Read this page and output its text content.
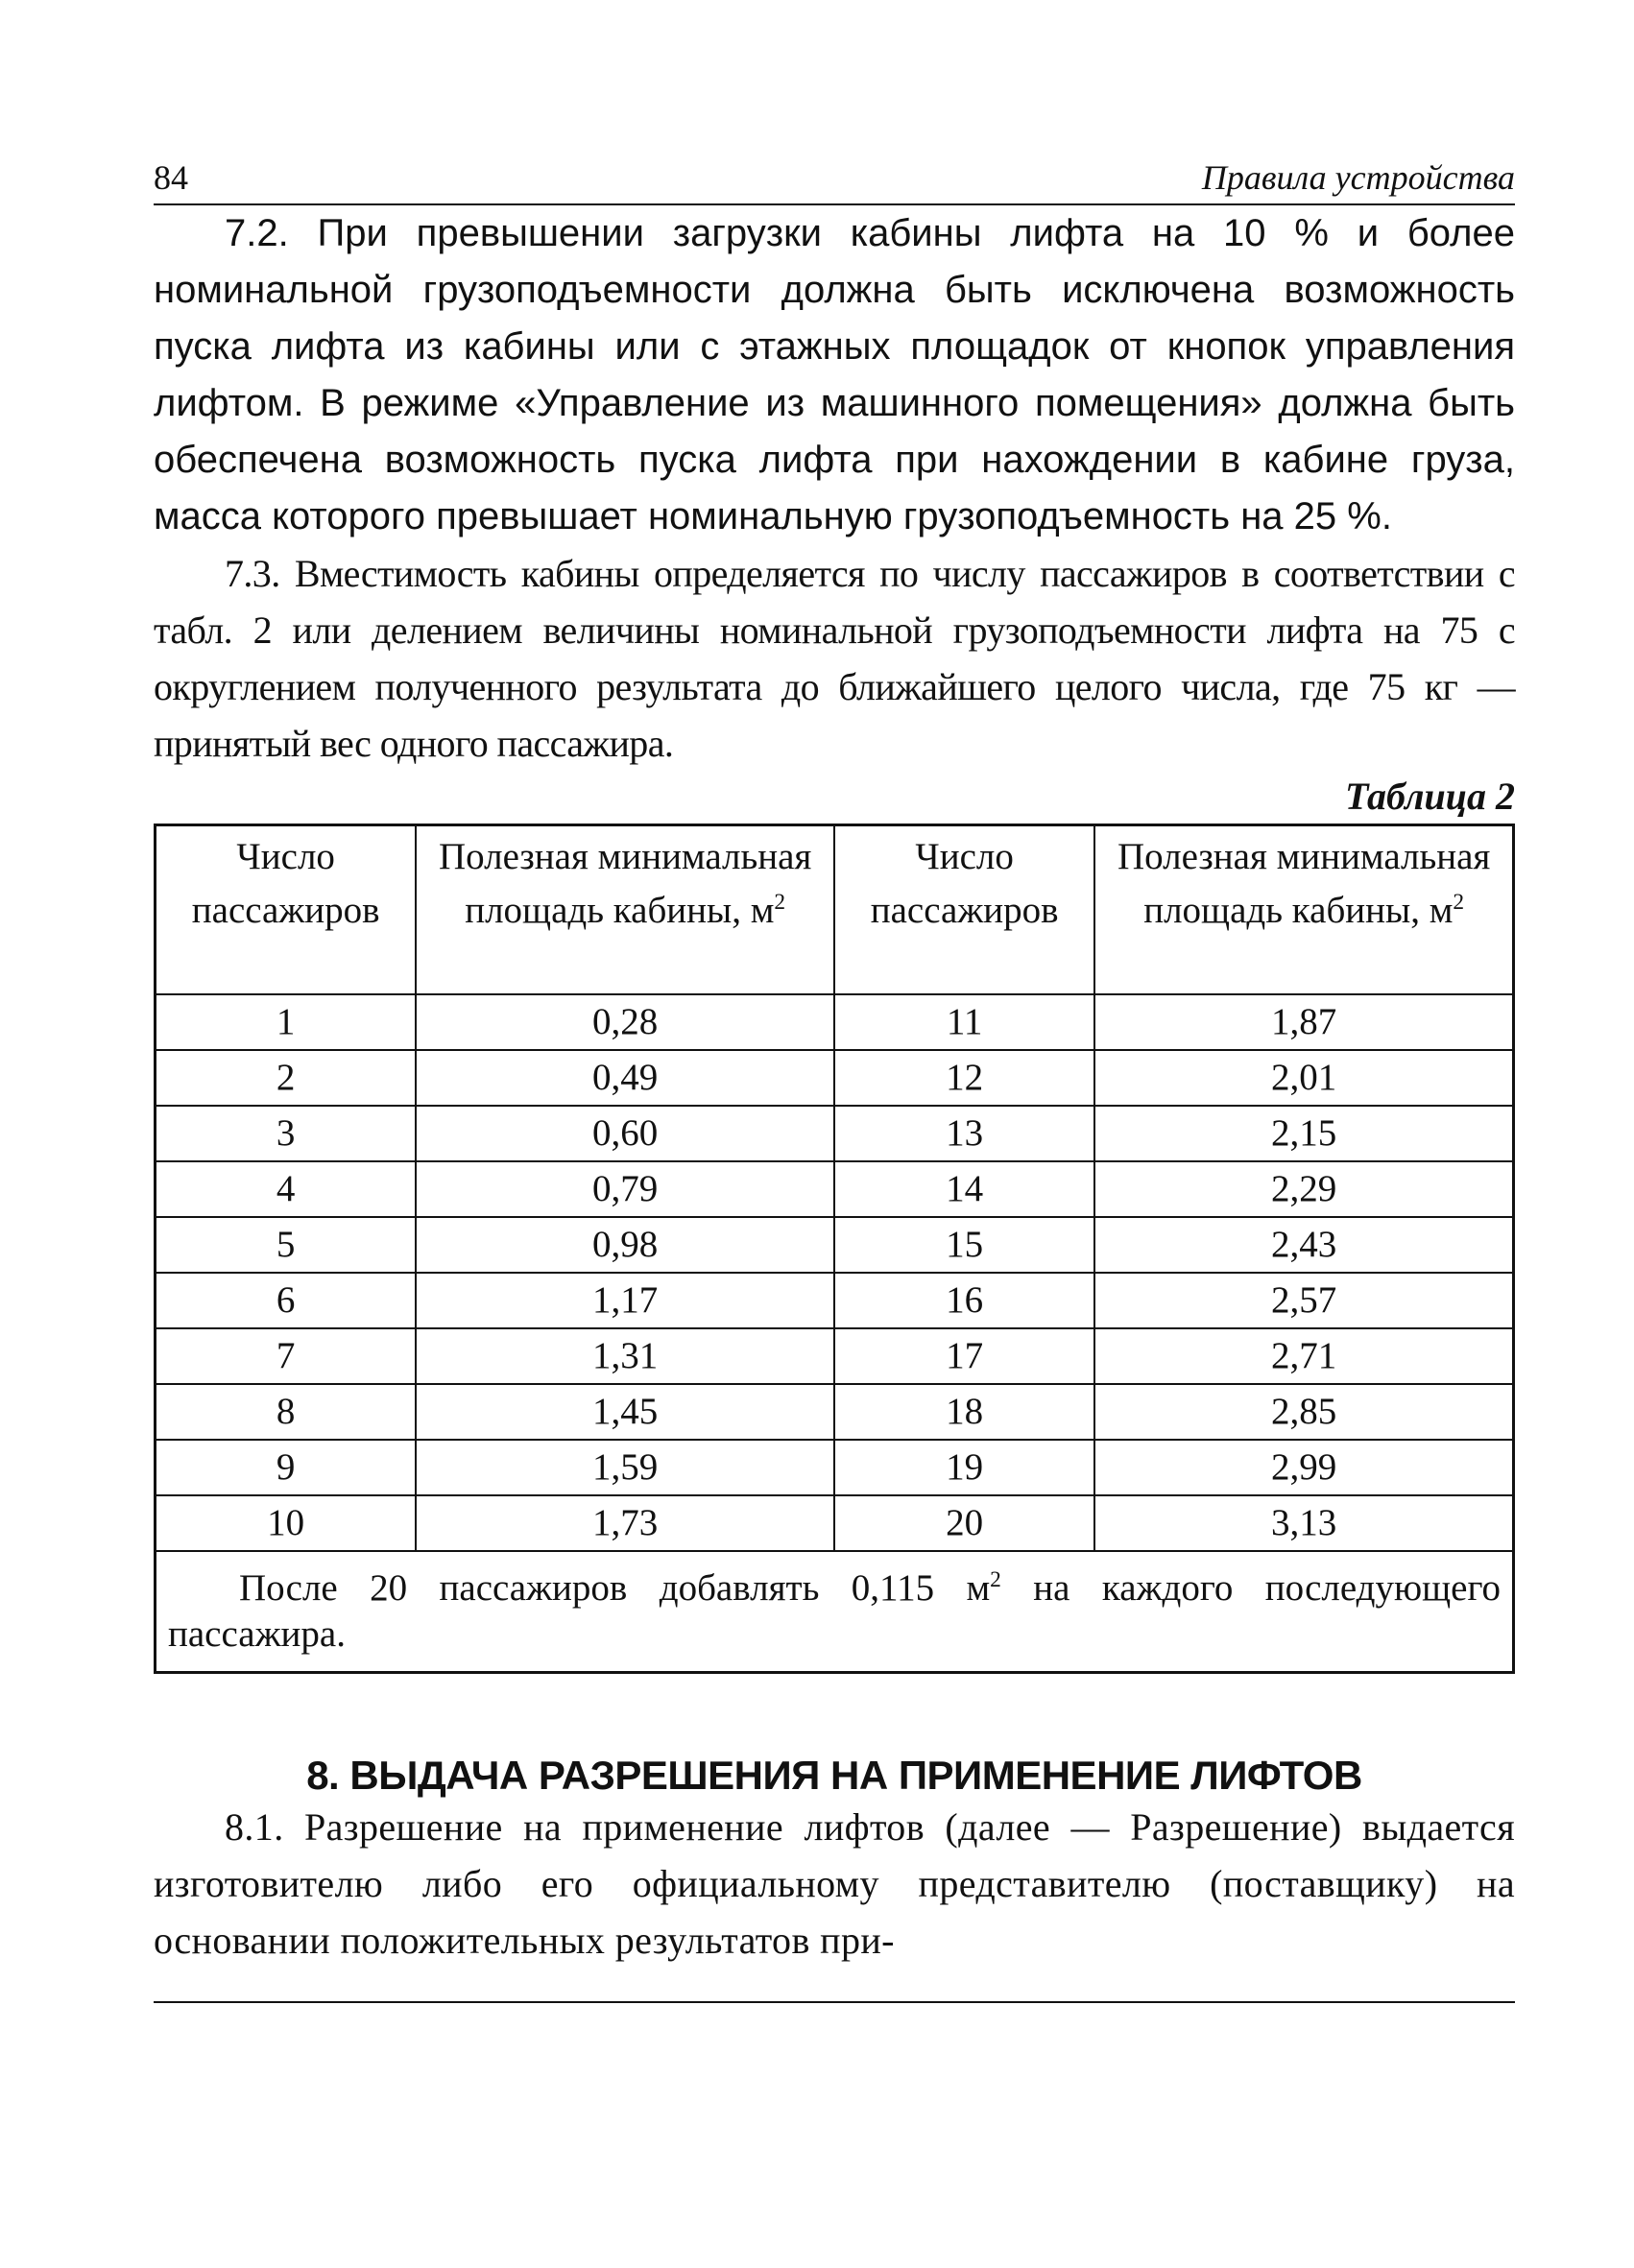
84	Правила устройства

7.2. При превышении загрузки кабины лифта на 10 % и более номинальной грузоподъемности должна быть исключена возможность пуска лифта из кабины или с этажных площадок от кнопок управления лифтом. В режиме «Управление из машинного помещения» должна быть обеспечена возможность пуска лифта при нахождении в кабине груза, масса которого превышает номинальную грузоподъемность на 25 %.

7.3. Вместимость кабины определяется по числу пассажиров в соответствии с табл. 2 или делением величины номинальной грузоподъемности лифта на 75 с округлением полученного результата до ближайшего целого числа, где 75 кг — принятый вес одного пассажира.

Таблица 2
Число пассажиров	Полезная минимальная площадь кабины, $м^2$	Число пассажиров	Полезная минимальная площадь кабины, $м^2$
1	0,28	11	1,87
2	0,49	12	2,01
3	0,60	13	2,15
4	0,79	14	2,29
5	0,98	15	2,43
6	1,17	16	2,57
7	1,31	17	2,71
8	1,45	18	2,85
9	1,59	19	2,99
10	1,73	20	3,13
После 20 пассажиров добавлять 0,115 $м^2$ на каждого последующего пассажира.			
8. ВЫДАЧА РАЗРЕШЕНИЯ НА ПРИМЕНЕНИЕ ЛИФТОВ

8.1. Разрешение на применение лифтов (далее — Разрешение) выдается изготовителю либо его официальному представителю (поставщику) на основании положительных результатов при-
